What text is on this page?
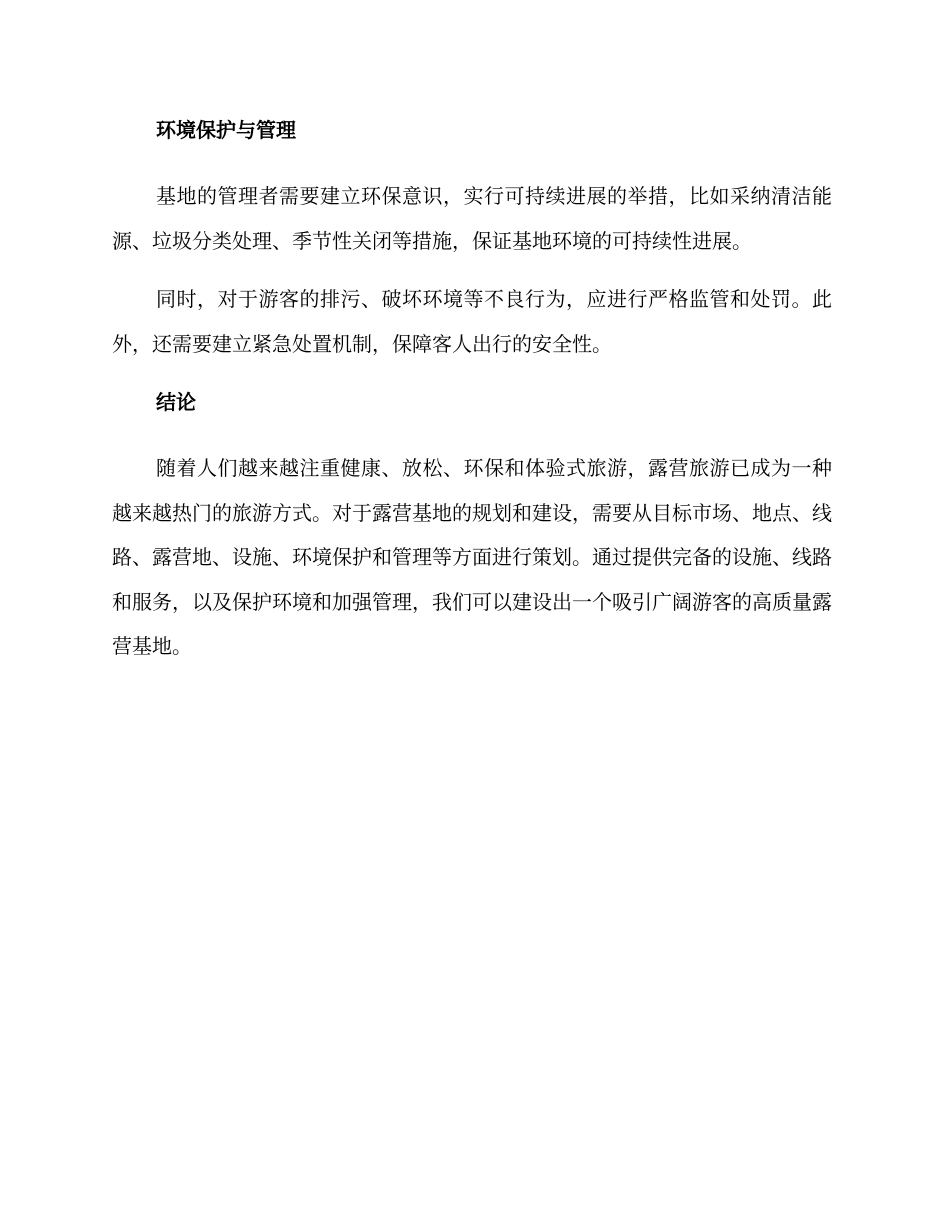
环境保护与管理

基地的管理者需要建立环保意识，实行可持续进展的举措，比如采纳清洁能源、垃圾分类处理、季节性关闭等措施，保证基地环境的可持续性进展。

同时，对于游客的排污、破坏环境等不良行为，应进行严格监管和处罚。此外，还需要建立紧急处置机制，保障客人出行的安全性。

结论

随着人们越来越注重健康、放松、环保和体验式旅游，露营旅游已成为一种越来越热门的旅游方式。对于露营基地的规划和建设，需要从目标市场、地点、线路、露营地、设施、环境保护和管理等方面进行策划。通过提供完备的设施、线路和服务，以及保护环境和加强管理，我们可以建设出一个吸引广阔游客的高质量露营基地。
